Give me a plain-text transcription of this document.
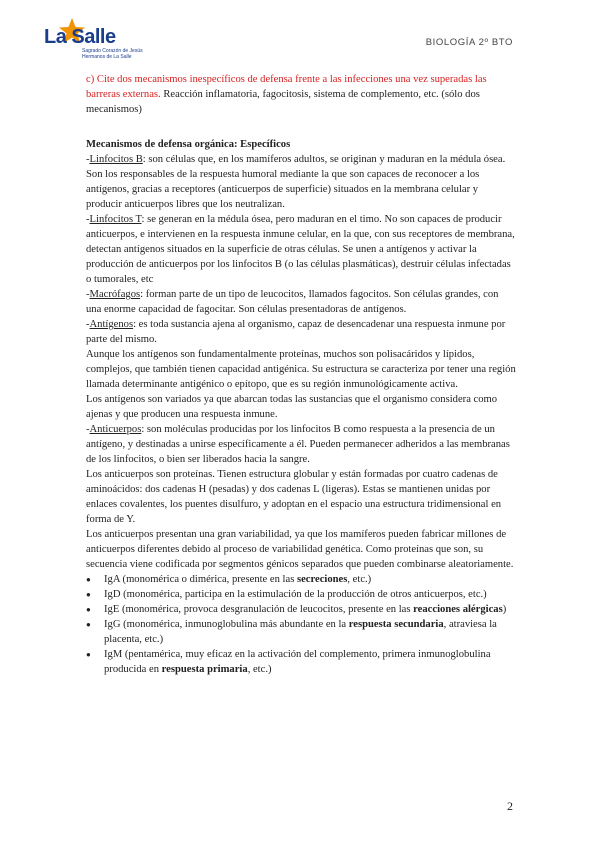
La Salle
Sagrado Corazón de Jesús
Hermanos de La Salle
BIOLOGÍA 2º BTO

c) Cite dos mecanismos inespecíficos de defensa frente a las infecciones una vez superadas las barreras externas. Reacción inflamatoria, fagocitosis, sistema de complemento, etc. (sólo dos mecanismos)

Mecanismos de defensa orgánica: Específicos

-Linfocitos B: son células que, en los mamíferos adultos, se originan y maduran en la médula ósea. Son los responsables de la respuesta humoral mediante la que son capaces de reconocer a los antígenos, gracias a receptores (anticuerpos de superficie) situados en la membrana celular y producir anticuerpos libres que los neutralizan.

-Linfocitos T: se generan en la médula ósea, pero maduran en el timo. No son capaces de producir anticuerpos, e intervienen en la respuesta inmune celular, en la que, con sus receptores de membrana, detectan antígenos situados en la superficie de otras células. Se unen a antígenos y activar la producción de anticuerpos por los linfocitos B (o las células plasmáticas), destruir células infectadas o tumorales, etc

-Macrófagos: forman parte de un tipo de leucocitos, llamados fagocitos. Son células grandes, con una enorme capacidad de fagocitar. Son células presentadoras de antígenos.

-Antígenos: es toda sustancia ajena al organismo, capaz de desencadenar una respuesta inmune por parte del mismo.

Aunque los antígenos son fundamentalmente proteínas, muchos son polisacáridos y lípidos, complejos, que también tienen capacidad antigénica. Su estructura se caracteriza por tener una región llamada determinante antigénico o epítopo, que es su región inmunológicamente activa.

Los antígenos son variados ya que abarcan todas las sustancias que el organismo considera como ajenas y que producen una respuesta inmune.

-Anticuerpos: son moléculas producidas por los linfocitos B como respuesta a la presencia de un antígeno, y destinadas a unirse específicamente a él. Pueden permanecer adheridos a las membranas de los linfocitos, o bien ser liberados hacia la sangre.

Los anticuerpos son proteínas. Tienen estructura globular y están formadas por cuatro cadenas de aminoácidos: dos cadenas H (pesadas) y dos cadenas L (ligeras). Estas se mantienen unidas por enlaces covalentes, los puentes disulfuro, y adoptan en el espacio una estructura tridimensional en forma de Y.

Los anticuerpos presentan una gran variabilidad, ya que los mamíferos pueden fabricar millones de anticuerpos diferentes debido al proceso de variabilidad genética. Como proteínas que son, su secuencia viene codificada por segmentos génicos separados que pueden combinarse aleatoriamente.

● IgA (monomérica o dimérica, presente en las secreciones, etc.)
● IgD (monomérica, participa en la estimulación de la producción de otros anticuerpos, etc.)
● IgE (monomérica, provoca desgranulación de leucocitos, presente en las reacciones alérgicas)
● IgG (monomérica, inmunoglobulina más abundante en la respuesta secundaria, atraviesa la placenta, etc.)
● IgM (pentamérica, muy eficaz en la activación del complemento, primera inmunoglobulina producida en respuesta primaria, etc.)
2
